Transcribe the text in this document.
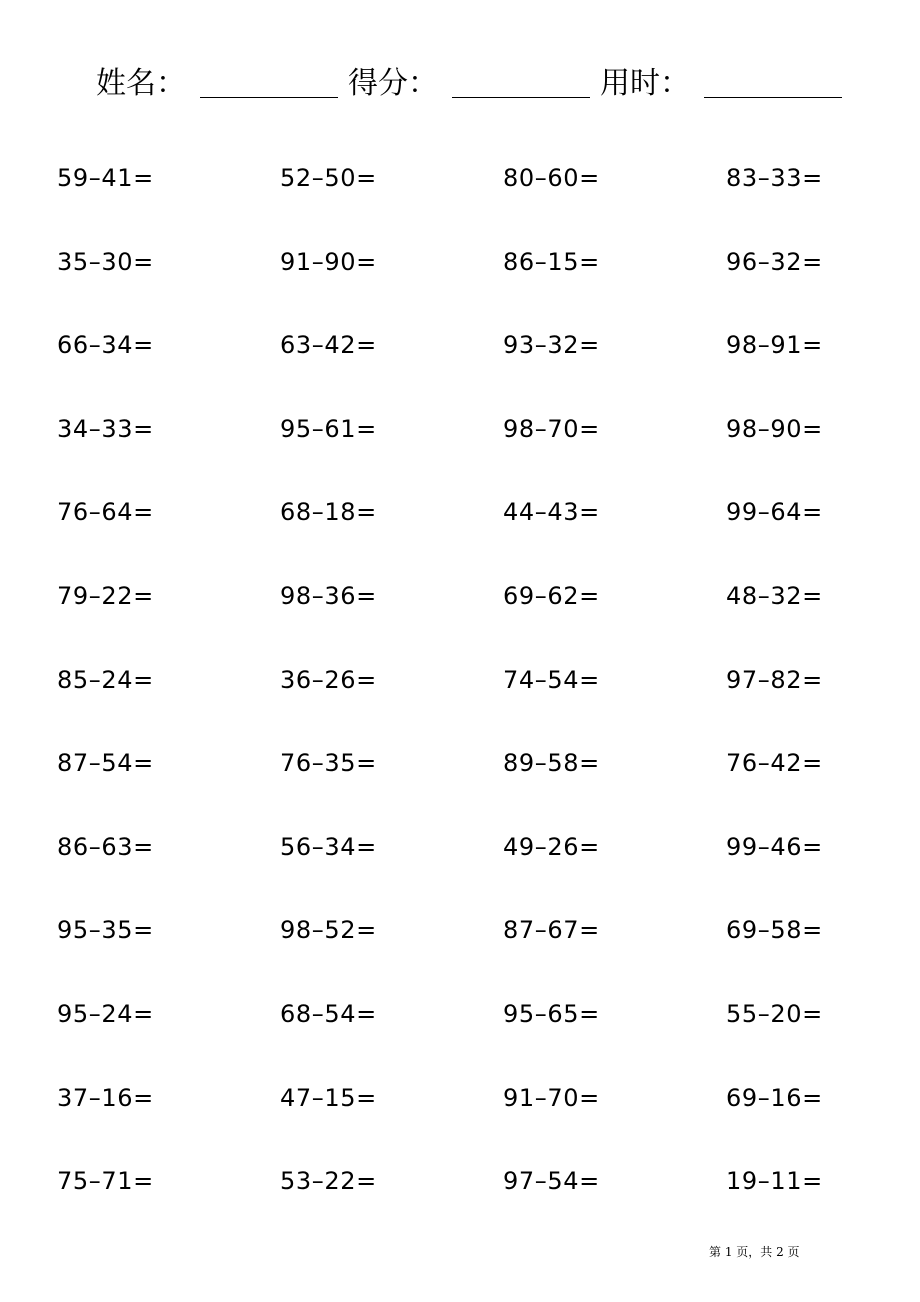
姓名：	得分：	用时：
59–41=	52–50=	80–60=	83–33=
35–30=	91–90=	86–15=	96–32=
66–34=	63–42=	93–32=	98–91=
34–33=	95–61=	98–70=	98–90=
76–64=	68–18=	44–43=	99–64=
79–22=	98–36=	69–62=	48–32=
85–24=	36–26=	74–54=	97–82=
87–54=	76–35=	89–58=	76–42=
86–63=	56–34=	49–26=	99–46=
95–35=	98–52=	87–67=	69–58=
95–24=	68–54=	95–65=	55–20=
37–16=	47–15=	91–70=	69–16=
75–71=	53–22=	97–54=	19–11=
第 1 页，共 2 页
